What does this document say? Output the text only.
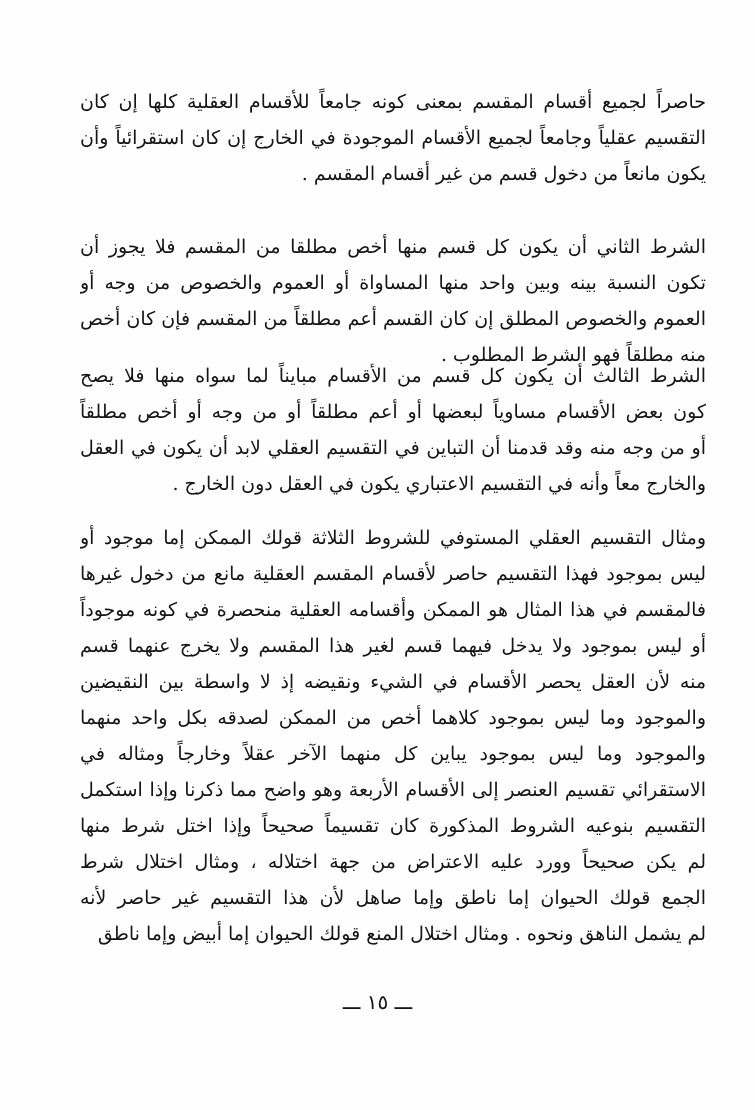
حاصراً لجميع أقسام المقسم بمعنى كونه جامعاً للأقسام العقلية كلها إن كان
التقسيم عقلياً وجامعاً لجميع الأقسام الموجودة في الخارج إن كان استقرائياً وأن
يكون مانعاً من دخول قسم من غير أقسام المقسم .
الشرط الثاني أن يكون كل قسم منها أخص مطلقا من المقسم فلا يجوز أن
تكون النسبة بينه وبين واحد منها المساواة أو العموم والخصوص من وجه أو
العموم والخصوص المطلق إن كان القسم أعم مطلقاً من المقسم فإن كان أخص
منه مطلقاً فهو الشرط المطلوب .
الشرط الثالث أن يكون كل قسم من الأقسام مبايناً لما سواه منها فلا يصح
كون بعض الأقسام مساوياً لبعضها أو أعم مطلقاً أو من وجه أو أخص مطلقاً
أو من وجه منه وقد قدمنا أن التباين في التقسيم العقلي لابد أن يكون في العقل
والخارج معاً وأنه في التقسيم الاعتباري يكون في العقل دون الخارج .
ومثال التقسيم العقلي المستوفي للشروط الثلاثة قولك الممكن إما موجود أو
ليس بموجود فهذا التقسيم حاصر لأقسام المقسم العقلية مانع من دخول غيرها
فالمقسم في هذا المثال هو الممكن وأقسامه العقلية منحصرة في كونه موجوداً
أو ليس بموجود ولا يدخل فيهما قسم لغير هذا المقسم ولا يخرج عنهما قسم
منه لأن العقل يحصر الأقسام في الشيء ونقيضه إذ لا واسطة بين النقيضين
والموجود وما ليس بموجود كلاهما أخص من الممكن لصدقه بكل واحد منهما
والموجود وما ليس بموجود يباين كل منهما الآخر عقلاً وخارجاً ومثاله في
الاستقرائي تقسيم العنصر إلى الأقسام الأربعة وهو واضح مما ذكرنا وإذا استكمل
التقسيم بنوعيه الشروط المذكورة كان تقسيماً صحيحاً وإذا اختل شرط منها
لم يكن صحيحاً وورد عليه الاعتراض من جهة اختلاله ، ومثال اختلال شرط
الجمع قولك الحيوان إما ناطق وإما صاهل لأن هذا التقسيم غير حاصر لأنه
لم يشمل الناهق ونحوه . ومثال اختلال المنع قولك الحيوان إما أبيض وإما ناطق
ـــ ١٥ ـــ
